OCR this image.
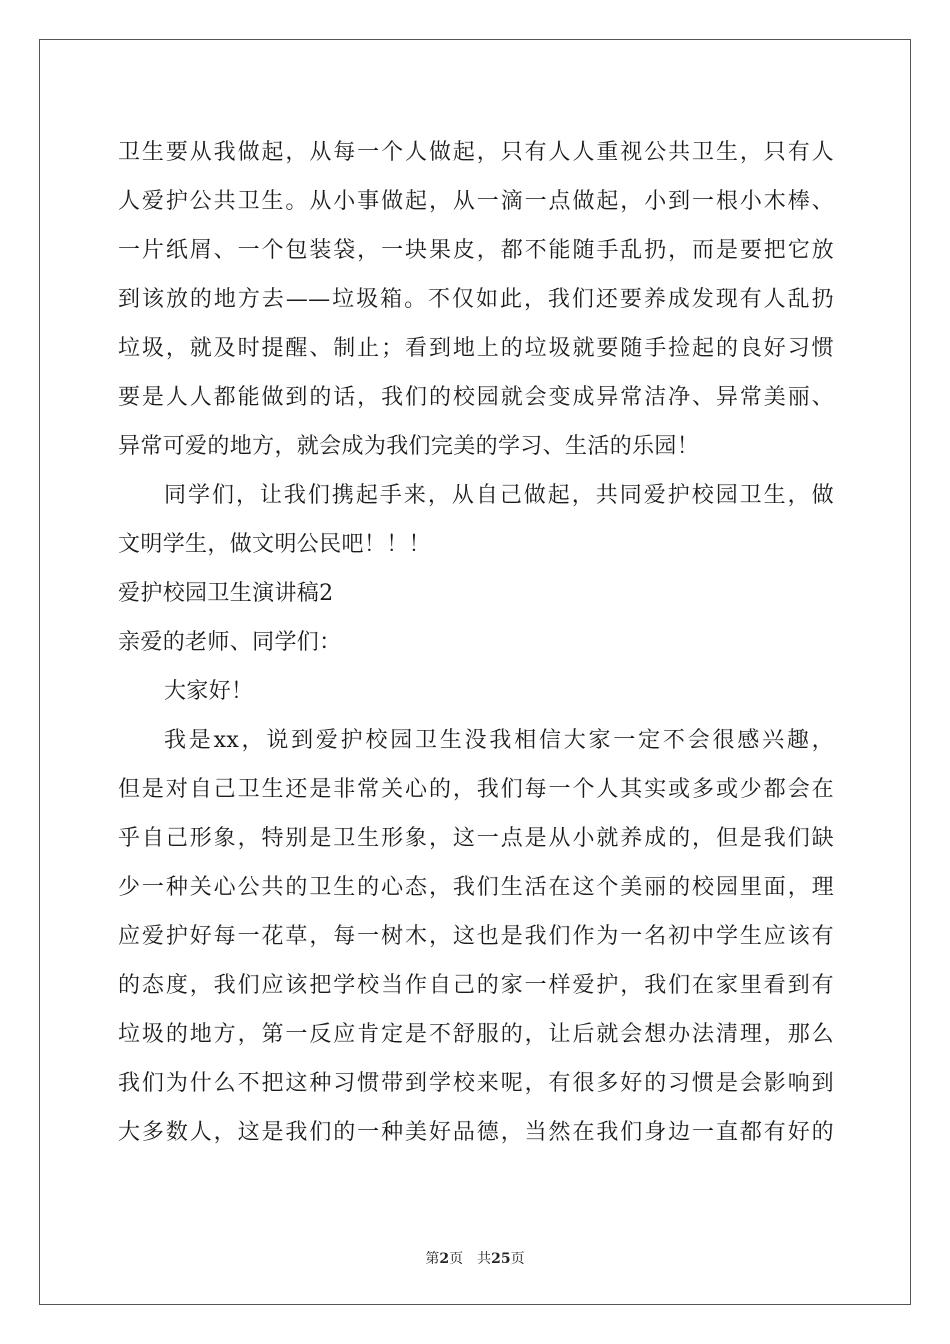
卫生要从我做起，从每一个人做起，只有人人重视公共卫生，只有人
人爱护公共卫生。从小事做起，从一滴一点做起，小到一根小木棒、
一片纸屑、一个包装袋，一块果皮，都不能随手乱扔，而是要把它放
到该放的地方去——垃圾箱。不仅如此，我们还要养成发现有人乱扔
垃圾，就及时提醒、制止；看到地上的垃圾就要随手捡起的良好习惯
要是人人都能做到的话，我们的校园就会变成异常洁净、异常美丽、
异常可爱的地方，就会成为我们完美的学习、生活的乐园！
同学们，让我们携起手来，从自己做起，共同爱护校园卫生，做
文明学生，做文明公民吧！！！
爱护校园卫生演讲稿2
亲爱的老师、同学们：
大家好！
我是xx，说到爱护校园卫生没我相信大家一定不会很感兴趣，
但是对自己卫生还是非常关心的，我们每一个人其实或多或少都会在
乎自己形象，特别是卫生形象，这一点是从小就养成的，但是我们缺
少一种关心公共的卫生的心态，我们生活在这个美丽的校园里面，理
应爱护好每一花草，每一树木，这也是我们作为一名初中学生应该有
的态度，我们应该把学校当作自己的家一样爱护，我们在家里看到有
垃圾的地方，第一反应肯定是不舒服的，让后就会想办法清理，那么
我们为什么不把这种习惯带到学校来呢，有很多好的习惯是会影响到
大多数人，这是我们的一种美好品德，当然在我们身边一直都有好的
第2页 共25页
